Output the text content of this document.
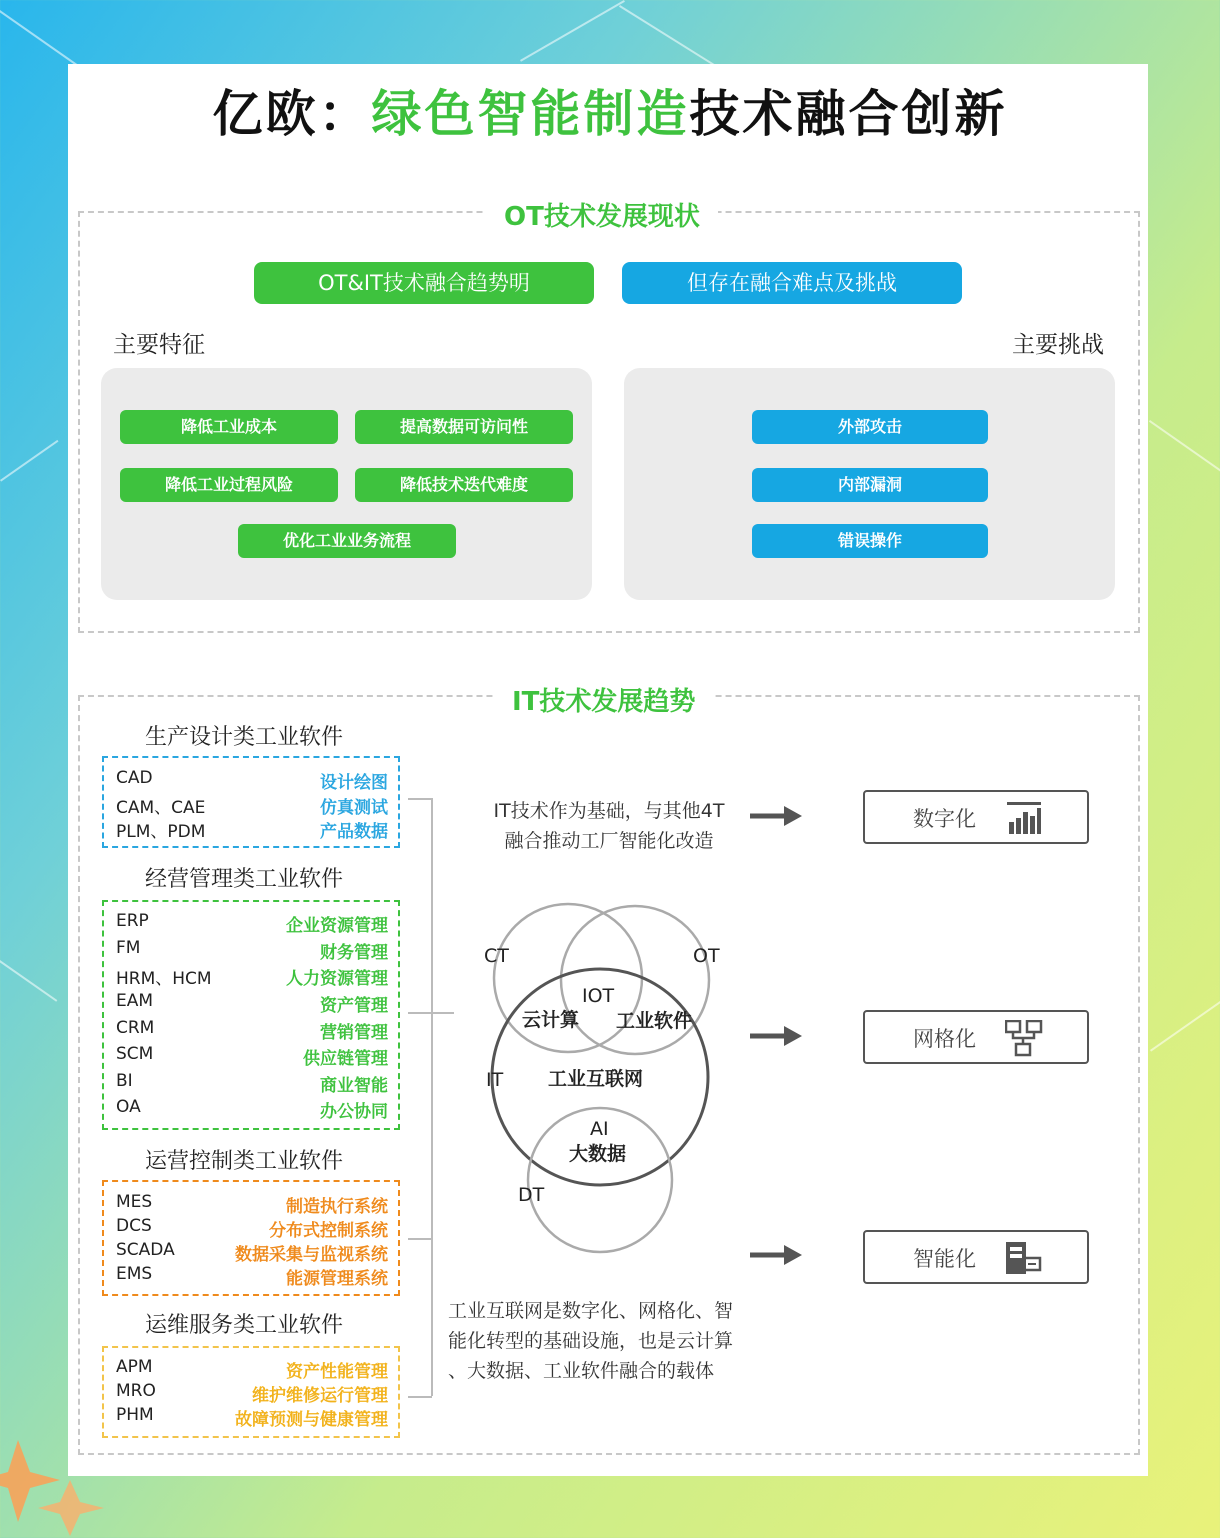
亿欧：绿色智能制造技术融合创新
OT技术发展现状
OT&IT技术融合趋势明	但存在融合难点及挑战
主要特征	主要挑战
降低工业成本	提高数据可访问性
降低工业过程风险	降低技术迭代难度
优化工业业务流程
外部攻击
内部漏洞
错误操作
IT技术发展趋势
生产设计类工业软件
CAD	设计绘图
CAM、CAE	仿真测试
PLM、PDM	产品数据
经营管理类工业软件
ERP	企业资源管理
FM	财务管理
HRM、HCM	人力资源管理
EAM	资产管理
CRM	营销管理
SCM	供应链管理
BI	商业智能
OA	办公协同
运营控制类工业软件
MES	制造执行系统
DCS	分布式控制系统
SCADA	数据采集与监视系统
EMS	能源管理系统
运维服务类工业软件
APM	资产性能管理
MRO	维护维修运行管理
PHM	故障预测与健康管理
IT技术作为基础，与其他4T
融合推动工厂智能化改造
工业互联网是数字化、网格化、智
能化转型的基础设施，也是云计算
、大数据、工业软件融合的载体
CT	OT
IT
DT
IOT
云计算 工业软件
工业互联网
AI
大数据
数字化
网格化
智能化
